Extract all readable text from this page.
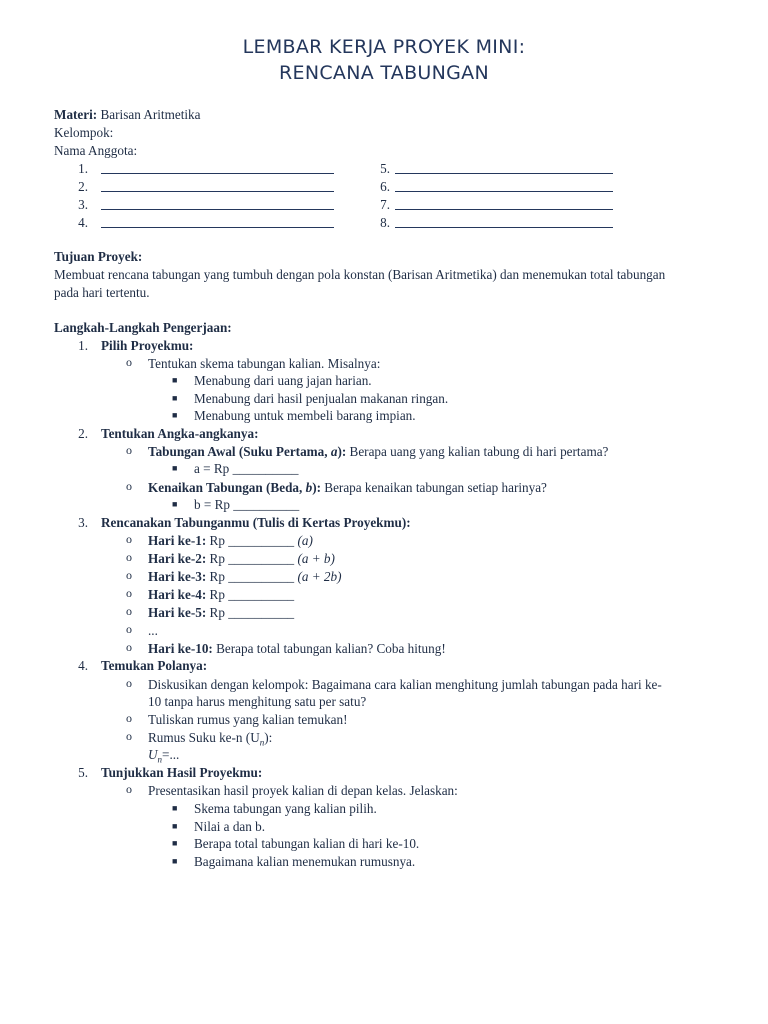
LEMBAR KERJA PROYEK MINI:
RENCANA TABUNGAN
Materi: Barisan Aritmetika
Kelompok:
Nama Anggota:
1.
2.
3.
4.
5.
6.
7.
8.
Tujuan Proyek:
Membuat rencana tabungan yang tumbuh dengan pola konstan (Barisan Aritmetika) dan menemukan total tabungan
pada hari tertentu.
Langkah-Langkah Pengerjaan:
1. Pilih Proyekmu:
o Tentukan skema tabungan kalian. Misalnya:
■ Menabung dari uang jajan harian.
■ Menabung dari hasil penjualan makanan ringan.
■ Menabung untuk membeli barang impian.
2. Tentukan Angka-angkanya:
o Tabungan Awal (Suku Pertama, a): Berapa uang yang kalian tabung di hari pertama?
■ a = Rp __________
o Kenaikan Tabungan (Beda, b): Berapa kenaikan tabungan setiap harinya?
■ b = Rp __________
3. Rencanakan Tabunganmu (Tulis di Kertas Proyekmu):
o Hari ke-1: Rp __________ (a)
o Hari ke-2: Rp __________ (a + b)
o Hari ke-3: Rp __________ (a + 2b)
o Hari ke-4: Rp __________
o Hari ke-5: Rp __________
o ...
o Hari ke-10: Berapa total tabungan kalian? Coba hitung!
4. Temukan Polanya:
o Diskusikan dengan kelompok: Bagaimana cara kalian menghitung jumlah tabungan pada hari ke-
10 tanpa harus menghitung satu per satu?
o Tuliskan rumus yang kalian temukan!
o Rumus Suku ke-n $(U_n)$:
$U_n=$...
5. Tunjukkan Hasil Proyekmu:
o Presentasikan hasil proyek kalian di depan kelas. Jelaskan:
■ Skema tabungan yang kalian pilih.
■ Nilai a dan b.
■ Berapa total tabungan kalian di hari ke-10.
■ Bagaimana kalian menemukan rumusnya.
